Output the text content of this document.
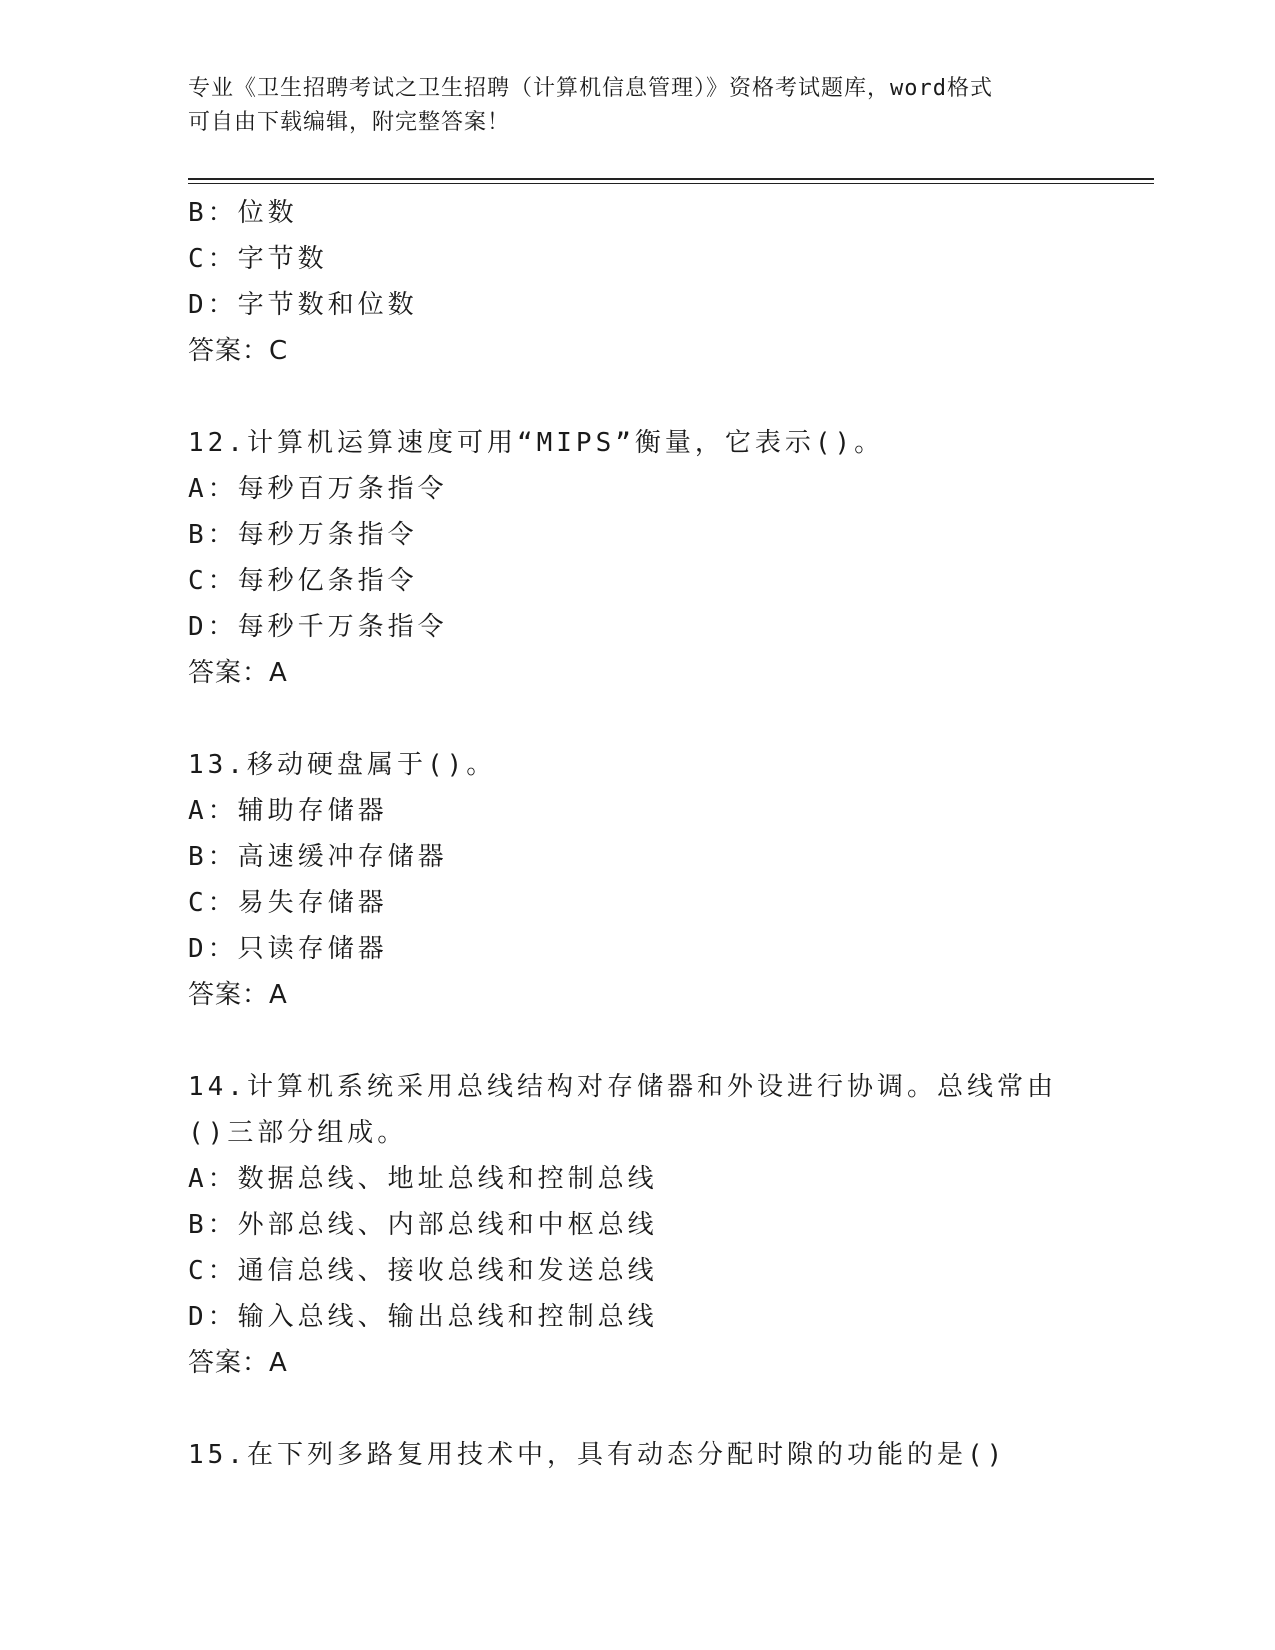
专业《卫生招聘考试之卫生招聘（计算机信息管理）》资格考试题库，word格式
可自由下载编辑，附完整答案！
B：位数
C：字节数
D：字节数和位数
答案：C
12.计算机运算速度可用“MIPS”衡量，它表示()。
A：每秒百万条指令
B：每秒万条指令
C：每秒亿条指令
D：每秒千万条指令
答案：A
13.移动硬盘属于()。
A：辅助存储器
B：高速缓冲存储器
C：易失存储器
D：只读存储器
答案：A
14.计算机系统采用总线结构对存储器和外设进行协调。总线常由()三部分组成。
A：数据总线、地址总线和控制总线
B：外部总线、内部总线和中枢总线
C：通信总线、接收总线和发送总线
D：输入总线、输出总线和控制总线
答案：A
15.在下列多路复用技术中，具有动态分配时隙的功能的是()
